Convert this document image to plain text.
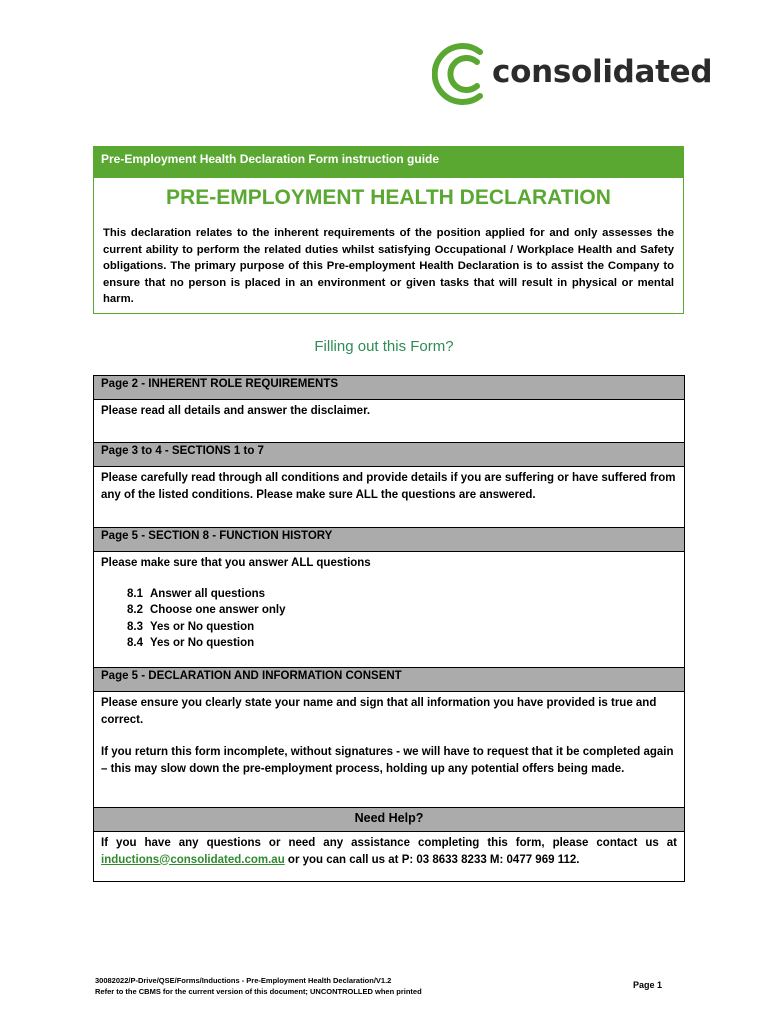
consolidated
Pre-Employment Health Declaration Form instruction guide
PRE-EMPLOYMENT HEALTH DECLARATION
This declaration relates to the inherent requirements of the position applied for and only assesses the current ability to perform the related duties whilst satisfying Occupational / Workplace Health and Safety obligations. The primary purpose of this Pre-employment Health Declaration is to assist the Company to ensure that no person is placed in an environment or given tasks that will result in physical or mental harm.
Filling out this Form?
Page 2 - INHERENT ROLE REQUIREMENTS
Please read all details and answer the disclaimer.
Page 3 to 4 - SECTIONS 1 to 7
Please carefully read through all conditions and provide details if you are suffering or have suffered from any of the listed conditions. Please make sure ALL the questions are answered.
Page 5 - SECTION 8 - FUNCTION HISTORY
Please make sure that you answer ALL questions
8.1 Answer all questions
8.2 Choose one answer only
8.3 Yes or No question
8.4 Yes or No question
Page 5 - DECLARATION AND INFORMATION CONSENT
Please ensure you clearly state your name and sign that all information you have provided is true and correct.
If you return this form incomplete, without signatures - we will have to request that it be completed again – this may slow down the pre-employment process, holding up any potential offers being made.
Need Help?
If you have any questions or need any assistance completing this form, please contact us at inductions@consolidated.com.au or you can call us at P: 03 8633 8233 M: 0477 969 112.
30082022/P-Drive/QSE/Forms/Inductions - Pre-Employment Health Declaration/V1.2
Refer to the CBMS for the current version of this document; UNCONTROLLED when printed
Page 1
